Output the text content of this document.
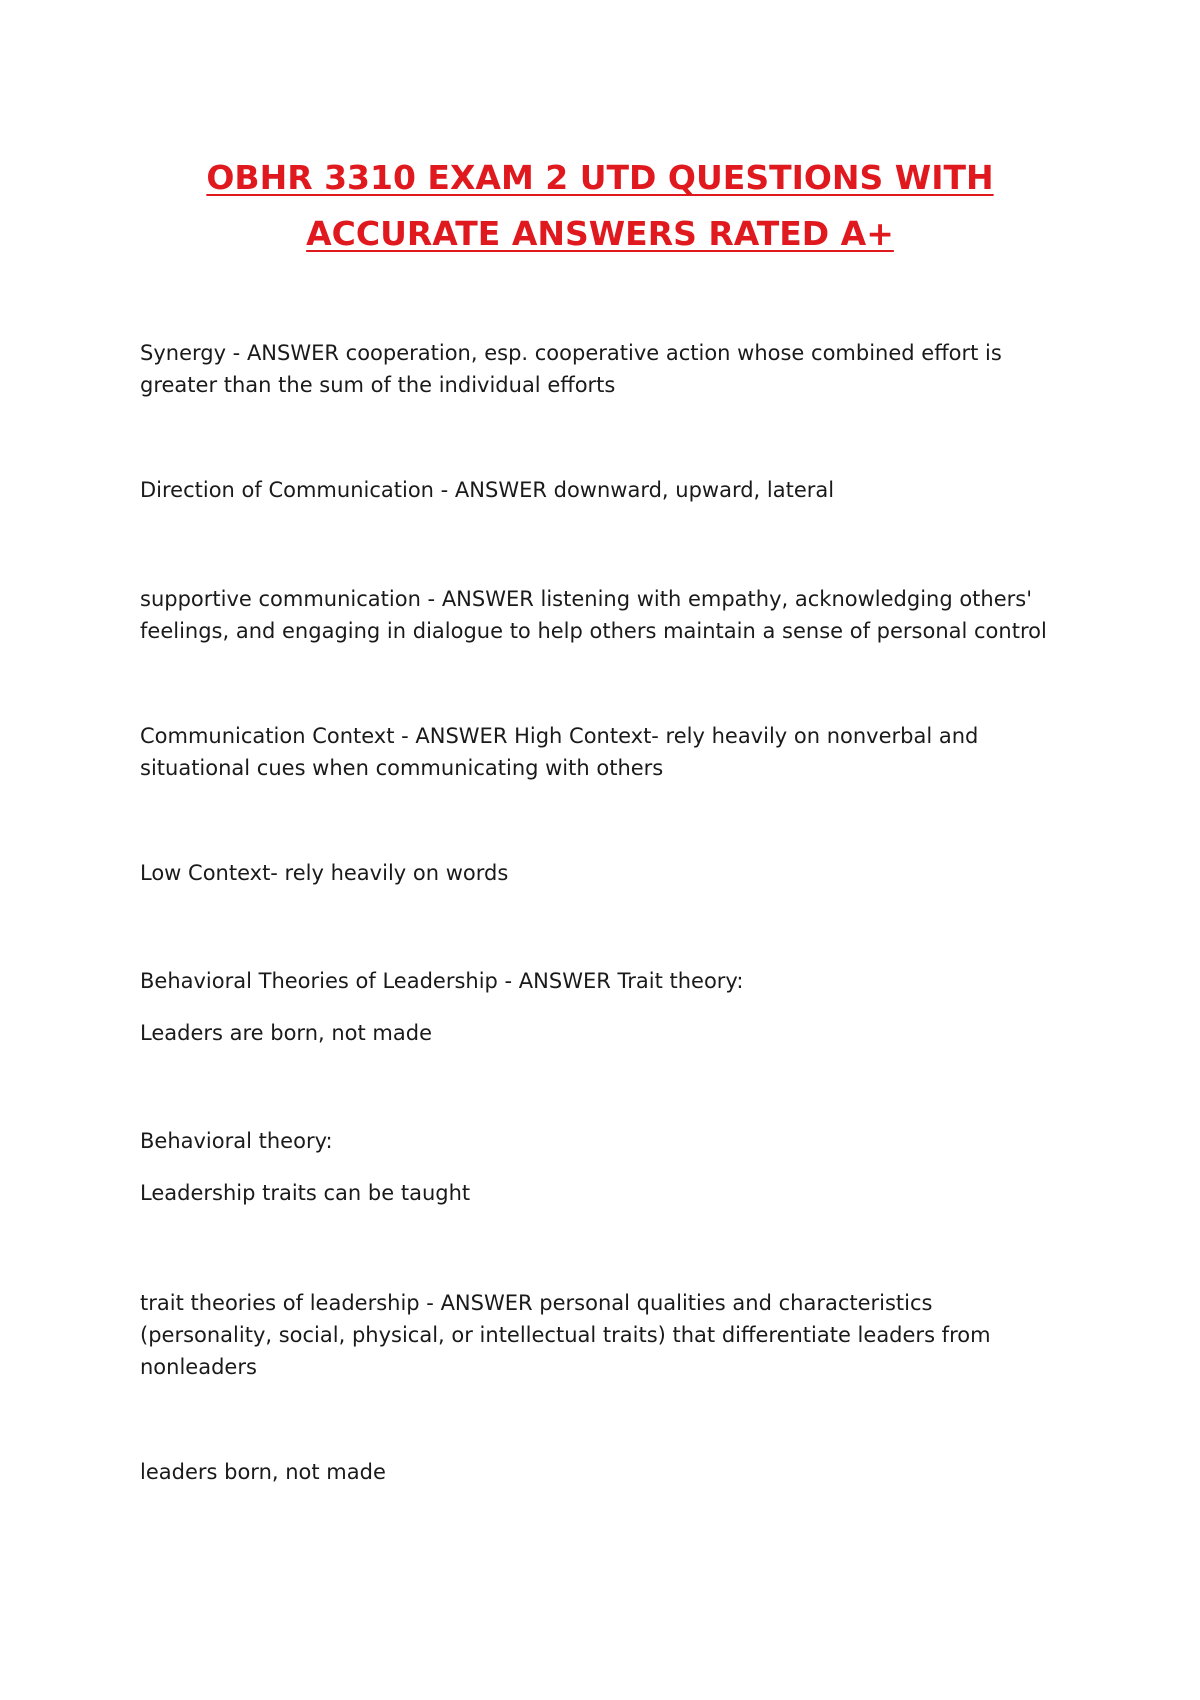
OBHR 3310 EXAM 2 UTD QUESTIONS WITH
ACCURATE ANSWERS RATED A+

Synergy - ANSWER cooperation, esp. cooperative action whose combined effort is greater than the sum of the individual efforts

Direction of Communication - ANSWER downward, upward, lateral

supportive communication - ANSWER listening with empathy, acknowledging others' feelings, and engaging in dialogue to help others maintain a sense of personal control

Communication Context - ANSWER High Context- rely heavily on nonverbal and situational cues when communicating with others

Low Context- rely heavily on words

Behavioral Theories of Leadership - ANSWER Trait theory:

Leaders are born, not made

Behavioral theory:

Leadership traits can be taught

trait theories of leadership - ANSWER personal qualities and characteristics (personality, social, physical, or intellectual traits) that differentiate leaders from nonleaders

leaders born, not made
